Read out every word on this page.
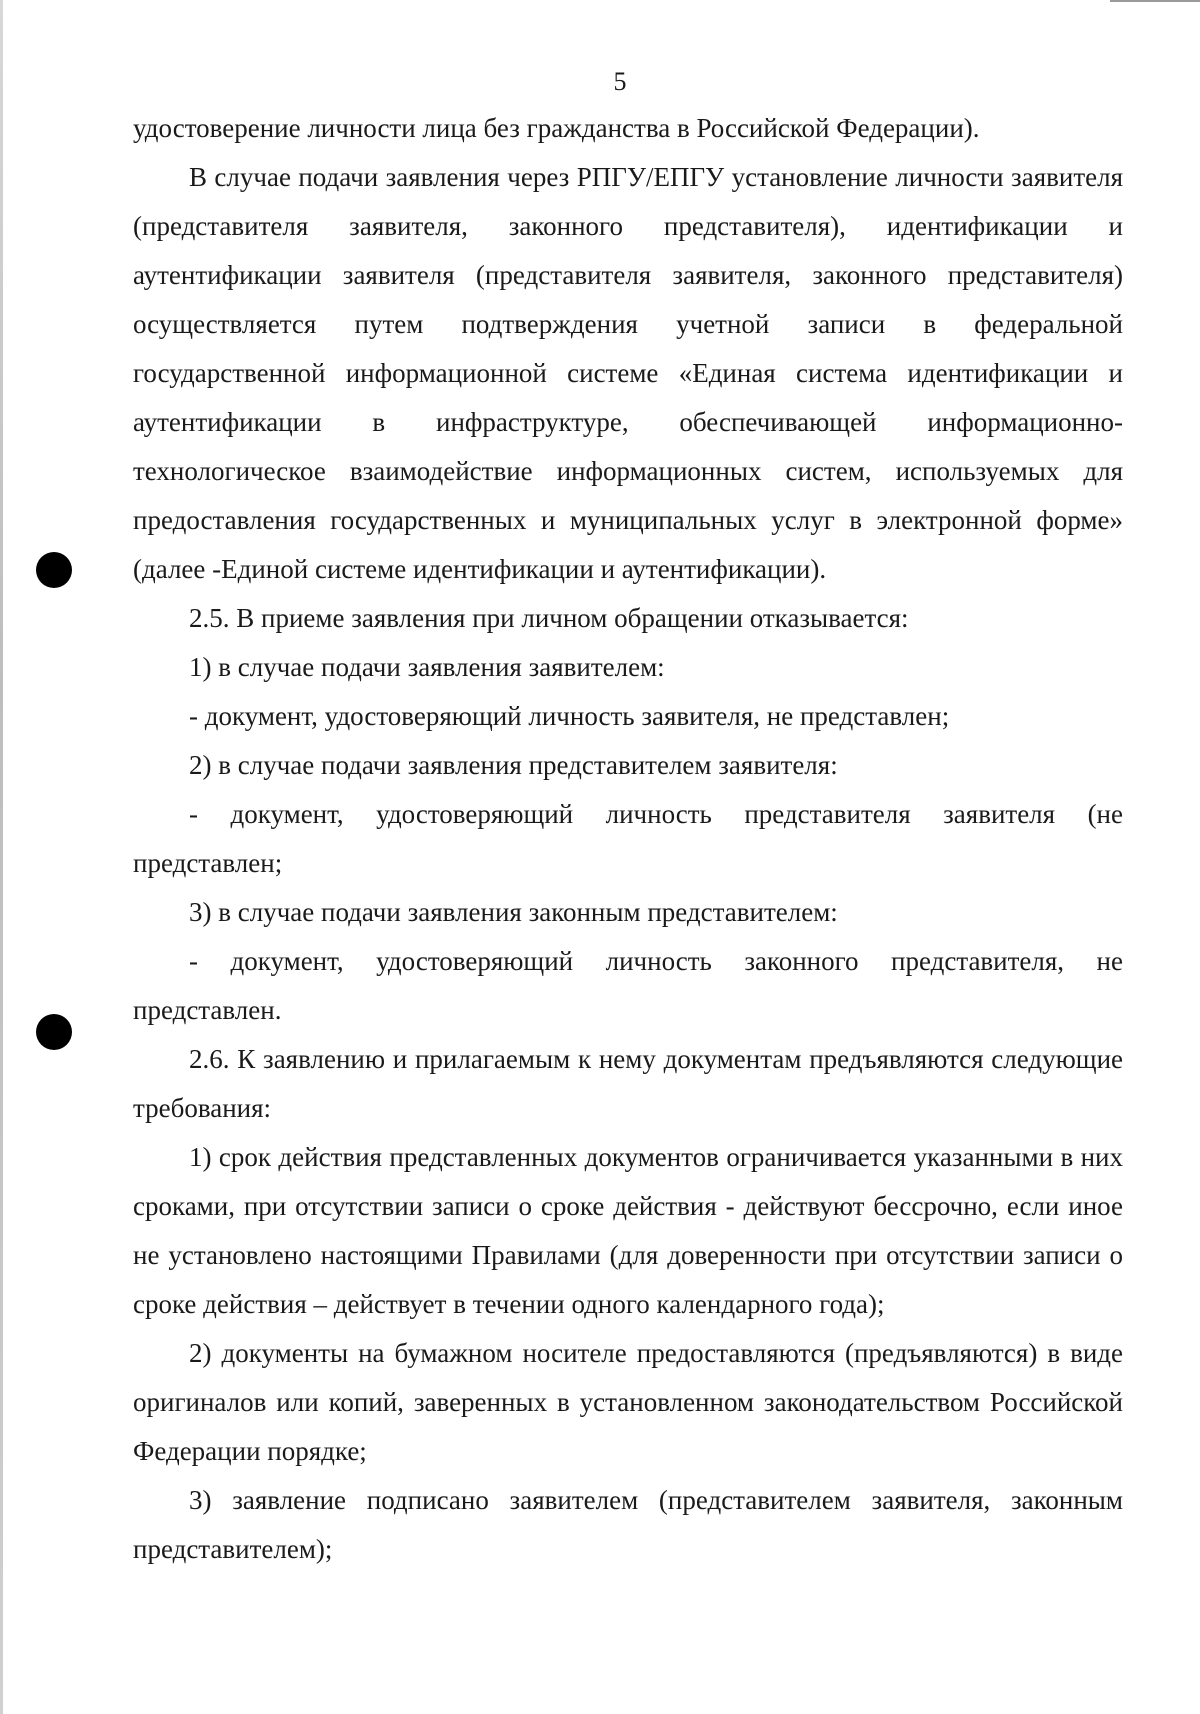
5

удостоверение личности лица без гражданства в Российской Федерации).

В случае подачи заявления через РПГУ/ЕПГУ установление личности заявителя (представителя заявителя, законного представителя), идентификации и аутентификации заявителя (представителя заявителя, законного представителя) осуществляется путем подтверждения учетной записи в федеральной государственной информационной системе «Единая система идентификации и аутентификации в инфраструктуре, обеспечивающей информационно-технологическое взаимодействие информационных систем, используемых для предоставления государственных и муниципальных услуг в электронной форме» (далее -Единой системе идентификации и аутентификации).

2.5. В приеме заявления при личном обращении отказывается:

1) в случае подачи заявления заявителем:

- документ, удостоверяющий личность заявителя, не представлен;

2) в случае подачи заявления представителем заявителя:

- документ, удостоверяющий личность представителя заявителя (не представлен;

3) в случае подачи заявления законным представителем:

- документ, удостоверяющий личность законного представителя, не представлен.

2.6. К заявлению и прилагаемым к нему документам предъявляются следующие требования:

1) срок действия представленных документов ограничивается указанными в них сроками, при отсутствии записи о сроке действия - действуют бессрочно, если иное не установлено настоящими Правилами (для доверенности при отсутствии записи о сроке действия – действует в течении одного календарного года);

2) документы на бумажном носителе предоставляются (предъявляются) в виде оригиналов или копий, заверенных в установленном законодательством Российской Федерации порядке;

3) заявление подписано заявителем (представителем заявителя, законным представителем);
